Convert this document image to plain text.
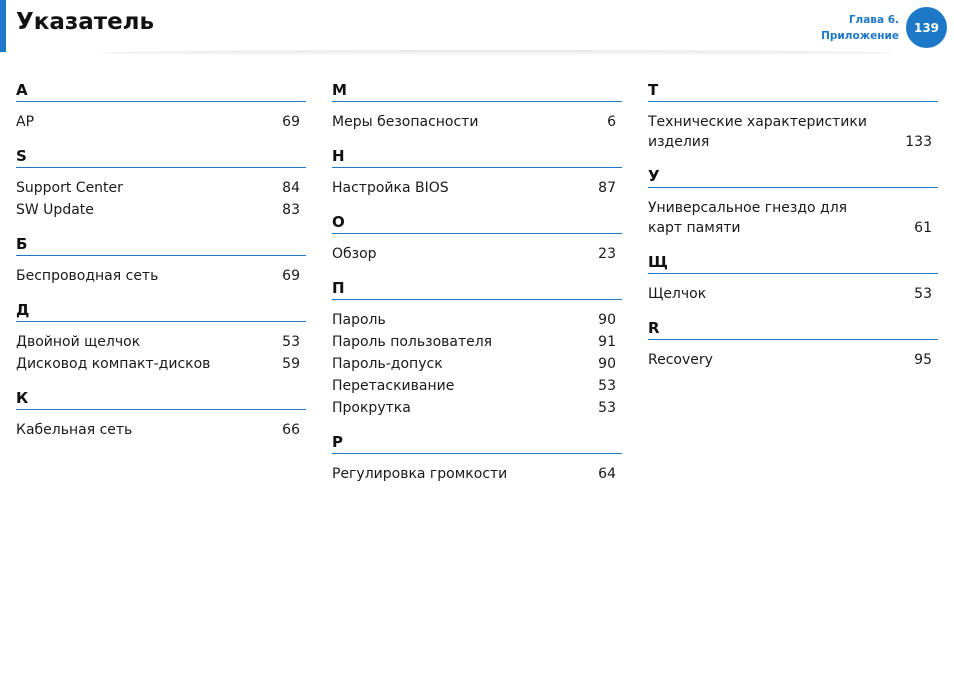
Указатель	Глава 6.
Приложение
139
A
AP	69
S
Support Center	84
SW Update	83
Б
Беспроводная сеть	69
Д
Двойной щелчок	53
Дисковод компакт-дисков	59
К
Кабельная сеть	66
М
Меры безопасности	6
Н
Настройка BIOS	87
О
Обзор	23
П
Пароль	90
Пароль пользователя	91
Пароль-допуск	90
Перетаскивание	53
Прокрутка	53
Р
Регулировка громкости	64
Т
Технические характеристики изделия	133
У
Универсальное гнездо для
карт памяти	61
Щ
Щелчок	53
R
Recovery	95
